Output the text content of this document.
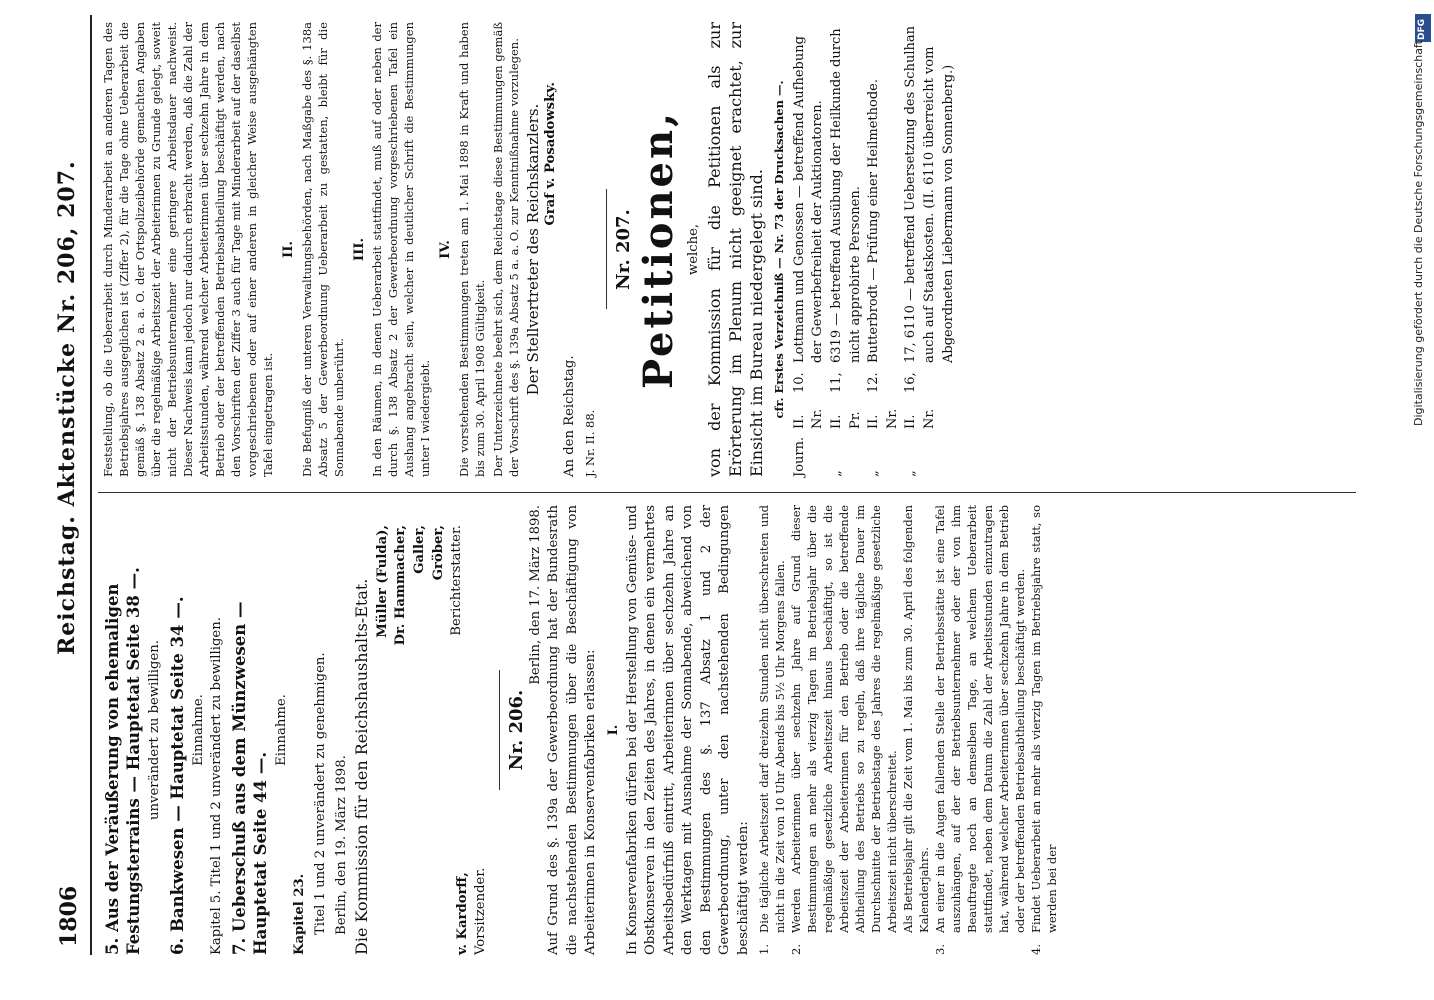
1806
Reichstag. Aktenstücke Nr. 206, 207.
5. Aus der Veräußerung von ehemaligen Festungsterrains — Hauptetat Seite 38 —. unverändert zu bewilligen. 6. Bankwesen — Hauptetat Seite 34 —. Einnahme. Kapitel 5. Titel 1 und 2 unverändert zu bewilligen. 7. Ueberschuß aus dem Münzwesen — Hauptetat Seite 44 —.
Einnahme.
Kapitel 23. Titel 1 und 2 unverändert zu genehmigen. Berlin, den 19. März 1898. Die Kommission für den Reichshaushalts-Etat.	v. Kardorff, Vorsitzender.
Müller (Fulda), Dr. Hammacher, Galler, Gröber, Berichterstatter.
Nr. 206.
Berlin, den 17. März 1898. Auf Grund des §. 139a der Gewerbeordnung hat der Bundesrath die nachstehenden Bestimmungen über die Beschäftigung von Arbeiterinnen in Konservenfabriken erlassen: I. In Konservenfabriken dürfen bei der Herstellung von Gemüse- und Obstkonserven in den Zeiten des Jahres, in denen ein vermehrtes Arbeitsbedürfniß eintritt, Arbeiterinnen über sechzehn Jahre an den Werktagen mit Ausnahme der Sonnabende, abweichend von den Bestimmungen des §. 137 Absatz 1 und 2 der Gewerbeordnung, unter den nachstehenden Bedingungen beschäftigt werden: 1.
Die tägliche Arbeitszeit darf dreizehn Stunden nicht überschreiten und nicht in die Zeit von 10 Uhr Abends bis 5½ Uhr Morgens fallen.
2.
Werden Arbeiterinnen über sechzehn Jahre auf Grund dieser Bestimmungen an mehr als vierzig Tagen im Betriebsjahr über die regelmäßige gesetzliche Arbeitszeit hinaus beschäftigt, so ist die Arbeitszeit der Arbeiterinnen für den Betrieb oder die betreffende Abtheilung des Betriebs so zu regeln, daß ihre tägliche Dauer im Durchschnitte der Betriebstage des Jahres die regelmäßige gesetzliche Arbeitszeit nicht überschreitet. Als Betriebsjahr gilt die Zeit vom 1. Mai bis zum 30. April des folgenden Kalenderjahrs.
3.
An einer in die Augen fallenden Stelle der Betriebsstätte ist eine Tafel auszuhängen, auf der der Betriebsunternehmer oder der von ihm Beauftragte noch an demselben Tage, an welchem Ueberarbeit stattfindet, neben dem Datum die Zahl der Arbeitsstunden einzutragen hat, während welcher Arbeiterinnen über sechzehn Jahre in dem Betrieb oder der betreffenden Betriebsabtheilung beschäftigt werden.
4.
Findet Ueberarbeit an mehr als vierzig Tagen im Betriebsjahre statt, so werden bei der
Feststellung, ob die Ueberarbeit durch Minderarbeit an anderen Tagen des Betriebsjahres ausgeglichen ist (Ziffer 2), für die Tage ohne Ueberarbeit die gemäß §. 138 Absatz 2 a. a. O. der Ortspolizeibehörde gemachten Angaben über die regelmäßige Arbeitszeit der Arbeiterinnen zu Grunde gelegt, soweit nicht der Betriebsunternehmer eine geringere Arbeitsdauer nachweist. Dieser Nachweis kann jedoch nur dadurch erbracht werden, daß die Zahl der Arbeitsstunden, während welcher Arbeiterinnen über sechzehn Jahre in dem Betrieb oder der betreffenden Betriebsabtheilung beschäftigt werden, nach den Vorschriften der Ziffer 3 auch für Tage mit Minderarbeit auf der daselbst vorgeschriebenen oder auf einer anderen in gleicher Weise ausgehängten Tafel eingetragen ist.
II. Die Befugniß der unteren Verwaltungsbehörden, nach Maßgabe des §. 138a Absatz 5 der Gewerbeordnung Ueberarbeit zu gestatten, bleibt für die Sonnabende unberührt.
III. In den Räumen, in denen Ueberarbeit stattfindet, muß auf oder neben der durch §. 138 Absatz 2 der Gewerbeordnung vorgeschriebenen Tafel ein Aushang angebracht sein, welcher in deutlicher Schrift die Bestimmungen unter I wiedergiebt.
IV. Die vorstehenden Bestimmungen treten am 1. Mai 1898 in Kraft und haben bis zum 30. April 1908 Gültigkeit. Der Unterzeichnete beehrt sich, dem Reichstage diese Bestimmungen gemäß der Vorschrift des §. 139a Absatz 5 a. a. O. zur Kenntnißnahme vorzulegen. Der Stellvertreter des Reichskanzlers. Graf v. Posadowsky.
An den Reichstag. J. Nr. II. 88.
Nr. 207. Petitionen, welche, von der Kommission für die Petitionen als zur Erörterung im Plenum nicht geeignet erachtet, zur Einsicht im Bureau niedergelegt sind. cfr. Erstes Verzeichniß — Nr. 73 der Drucksachen —.
Journ.
II. Nr.
10.
Lottmann und Genossen — betreffend Aufhebung der Gewerbefreiheit der Auktionatoren.
„
II. Pr.
11,
6319 — betreffend Ausübung der Heilkunde durch nicht approbirte Personen.
„
II. Nr.
12.
Butterbrodt — Prüfung einer Heilmethode.
„
II. Nr.
16,
17, 6110 — betreffend Uebersetzung des Schulhan auch auf Staatskosten. (II. 6110 überreicht vom Abgeordneten Liebermann von Sonnenberg.)
DFG
Digitalisierung gefördert durch die Deutsche Forschungsgemeinschaft
